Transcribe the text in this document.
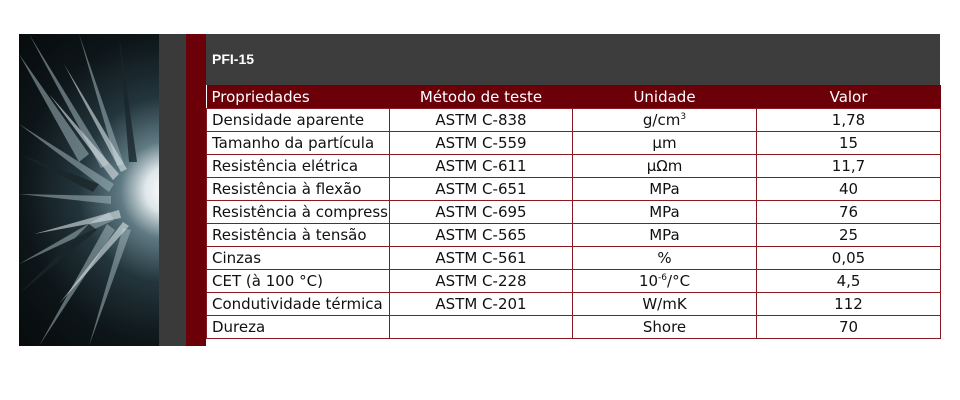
PFI-15
Propriedades	Método de teste	Unidade	Valor
Densidade aparente	ASTM C-838	$g/cm^3$	1,78
Tamanho da partícula	ASTM C-559	µm	15
Resistência elétrica	ASTM C-611	µΩm	11,7
Resistência à flexão	ASTM C-651	MPa	40
Resistência à compress	ASTM C-695	MPa	76
Resistência à tensão	ASTM C-565	MPa	25
Cinzas	ASTM C-561	%	0,05
CET (à 100 °C)	ASTM C-228	$10^{-6}/^\circ C$	4,5
Condutividade térmica	ASTM C-201	W/mK	112
Dureza		Shore	70
